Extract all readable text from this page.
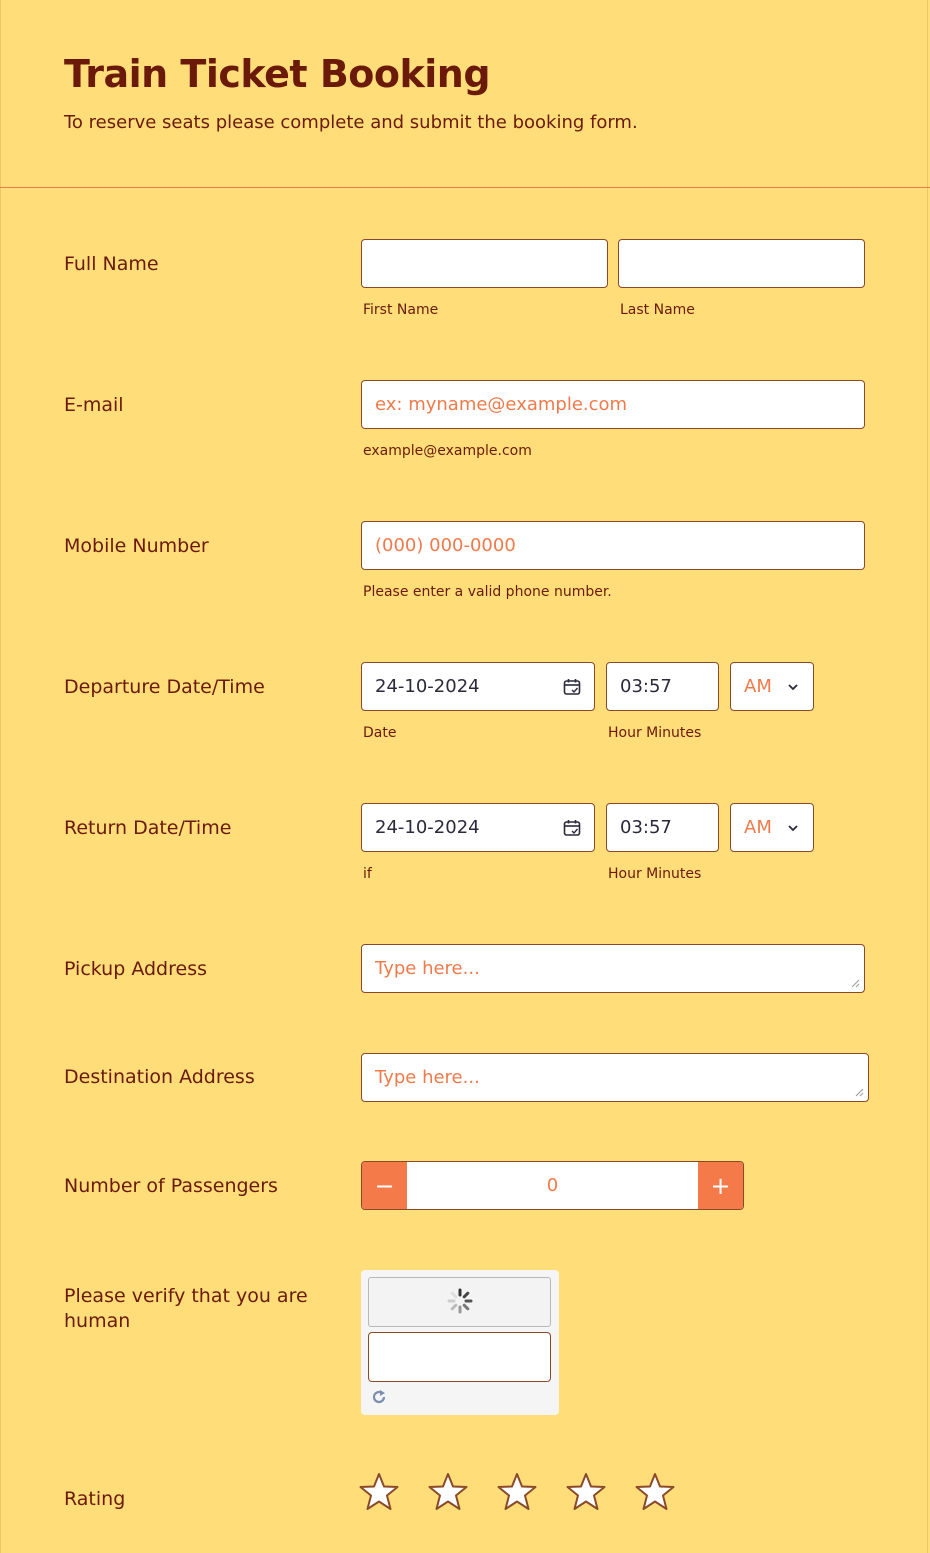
Train Ticket Booking
To reserve seats please complete and submit the booking form.
Full Name
First Name	Last Name
E-mail	ex: myname@example.com
example@example.com
Mobile Number	(000) 000-0000
Please enter a valid phone number.
Departure Date/Time	24-10-2024	03:57	AM
Date	Hour Minutes
Return Date/Time	24-10-2024	03:57	AM
if	Hour Minutes
Pickup Address	Type here...
Destination Address	Type here...
Number of Passengers	−	0	+
Please verify that you are human
Rating
